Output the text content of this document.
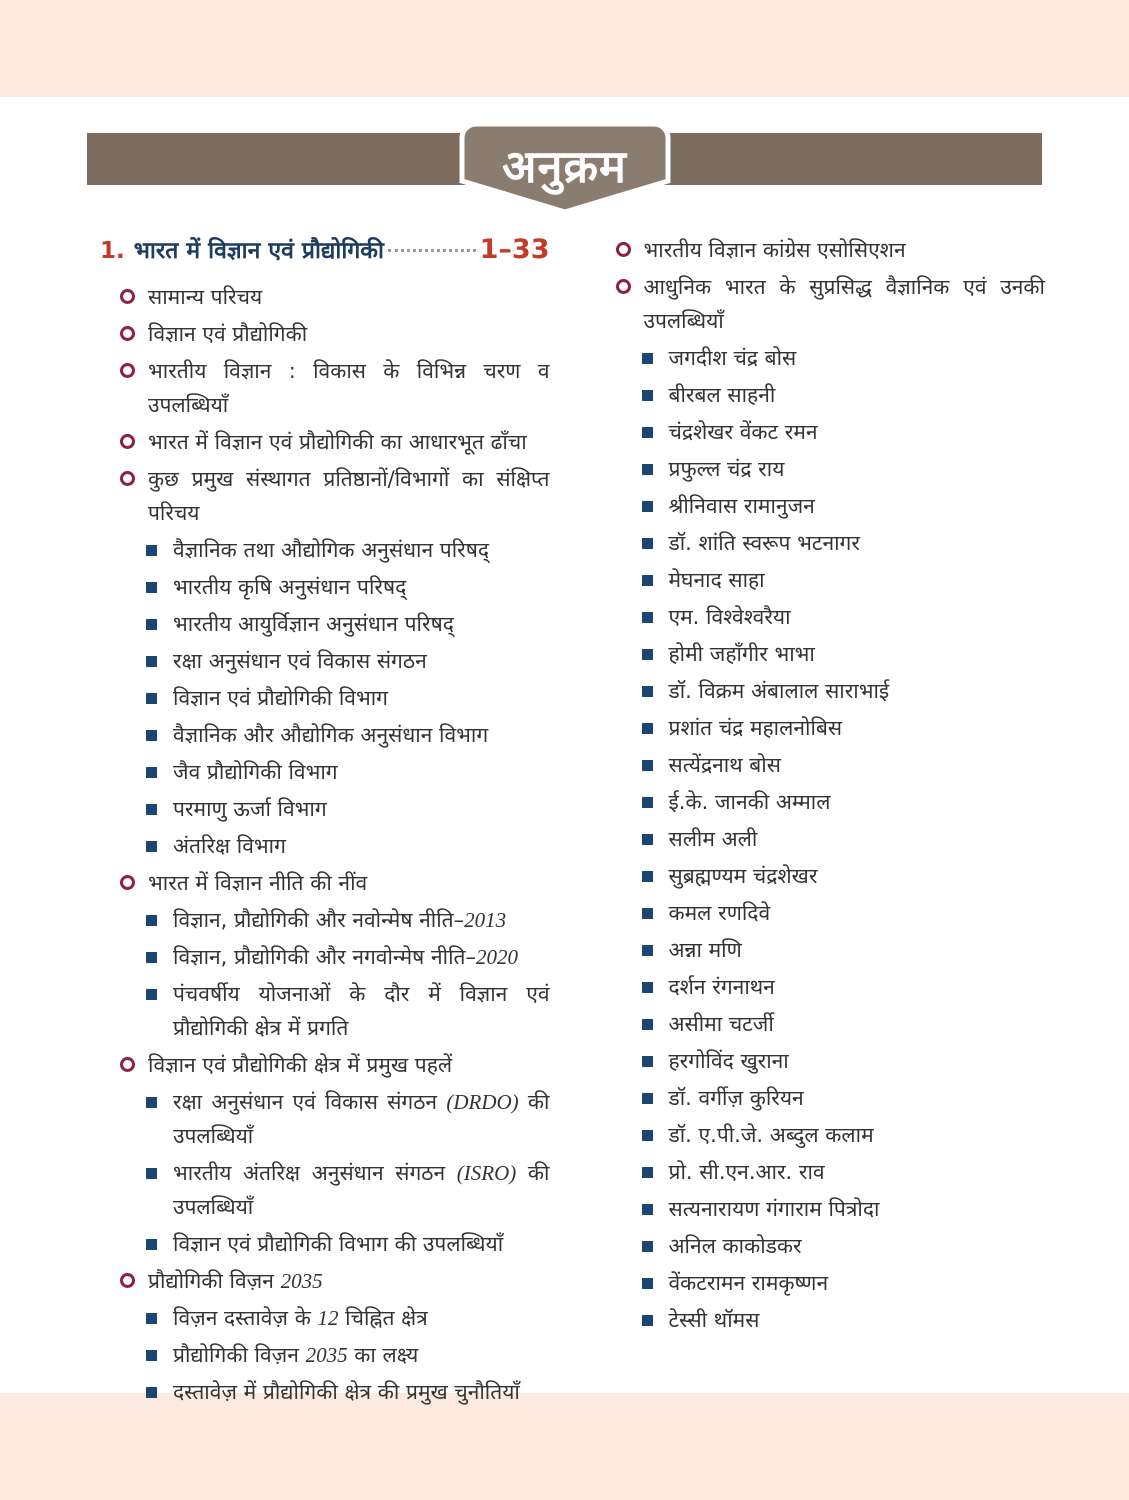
अनुक्रम
1. भारत में विज्ञान एवं प्रौद्योगिकी	1–33
सामान्य परिचय
विज्ञान एवं प्रौद्योगिकी
भारतीय विज्ञान : विकास के विभिन्न चरण व उपलब्धियाँ
भारत में विज्ञान एवं प्रौद्योगिकी का आधारभूत ढाँचा
कुछ प्रमुख संस्थागत प्रतिष्ठानों/विभागों का संक्षिप्त परिचय
वैज्ञानिक तथा औद्योगिक अनुसंधान परिषद्
भारतीय कृषि अनुसंधान परिषद्
भारतीय आयुर्विज्ञान अनुसंधान परिषद्
रक्षा अनुसंधान एवं विकास संगठन
विज्ञान एवं प्रौद्योगिकी विभाग
वैज्ञानिक और औद्योगिक अनुसंधान विभाग
जैव प्रौद्योगिकी विभाग
परमाणु ऊर्जा विभाग
अंतरिक्ष विभाग
भारत में विज्ञान नीति की नींव
विज्ञान, प्रौद्योगिकी और नवोन्मेष नीति–2013
विज्ञान, प्रौद्योगिकी और नगवोन्मेष नीति–2020
पंचवर्षीय योजनाओं के दौर में विज्ञान एवं प्रौद्योगिकी क्षेत्र में प्रगति
विज्ञान एवं प्रौद्योगिकी क्षेत्र में प्रमुख पहलें
रक्षा अनुसंधान एवं विकास संगठन (DRDO) की उपलब्धियाँ
भारतीय अंतरिक्ष अनुसंधान संगठन (ISRO) की उपलब्धियाँ
विज्ञान एवं प्रौद्योगिकी विभाग की उपलब्धियाँ
प्रौद्योगिकी विज़न 2035
विज़न दस्तावेज़ के 12 चिह्नित क्षेत्र
प्रौद्योगिकी विज़न 2035 का लक्ष्य
दस्तावेज़ में प्रौद्योगिकी क्षेत्र की प्रमुख चुनौतियाँ
भारतीय विज्ञान कांग्रेस एसोसिएशन
आधुनिक भारत के सुप्रसिद्ध वैज्ञानिक एवं उनकी उपलब्धियाँ
जगदीश चंद्र बोस
बीरबल साहनी
चंद्रशेखर वेंकट रमन
प्रफुल्ल चंद्र राय
श्रीनिवास रामानुजन
डॉ. शांति स्वरूप भटनागर
मेघनाद साहा
एम. विश्वेश्वरैया
होमी जहाँगीर भाभा
डॉ. विक्रम अंबालाल साराभाई
प्रशांत चंद्र महालनोबिस
सत्येंद्रनाथ बोस
ई.के. जानकी अम्माल
सलीम अली
सुब्रह्मण्यम चंद्रशेखर
कमल रणदिवे
अन्ना मणि
दर्शन रंगनाथन
असीमा चटर्जी
हरगोविंद खुराना
डॉ. वर्गीज़ कुरियन
डॉ. ए.पी.जे. अब्दुल कलाम
प्रो. सी.एन.आर. राव
सत्यनारायण गंगाराम पित्रोदा
अनिल काकोडकर
वेंकटरामन रामकृष्णन
टेस्सी थॉमस
